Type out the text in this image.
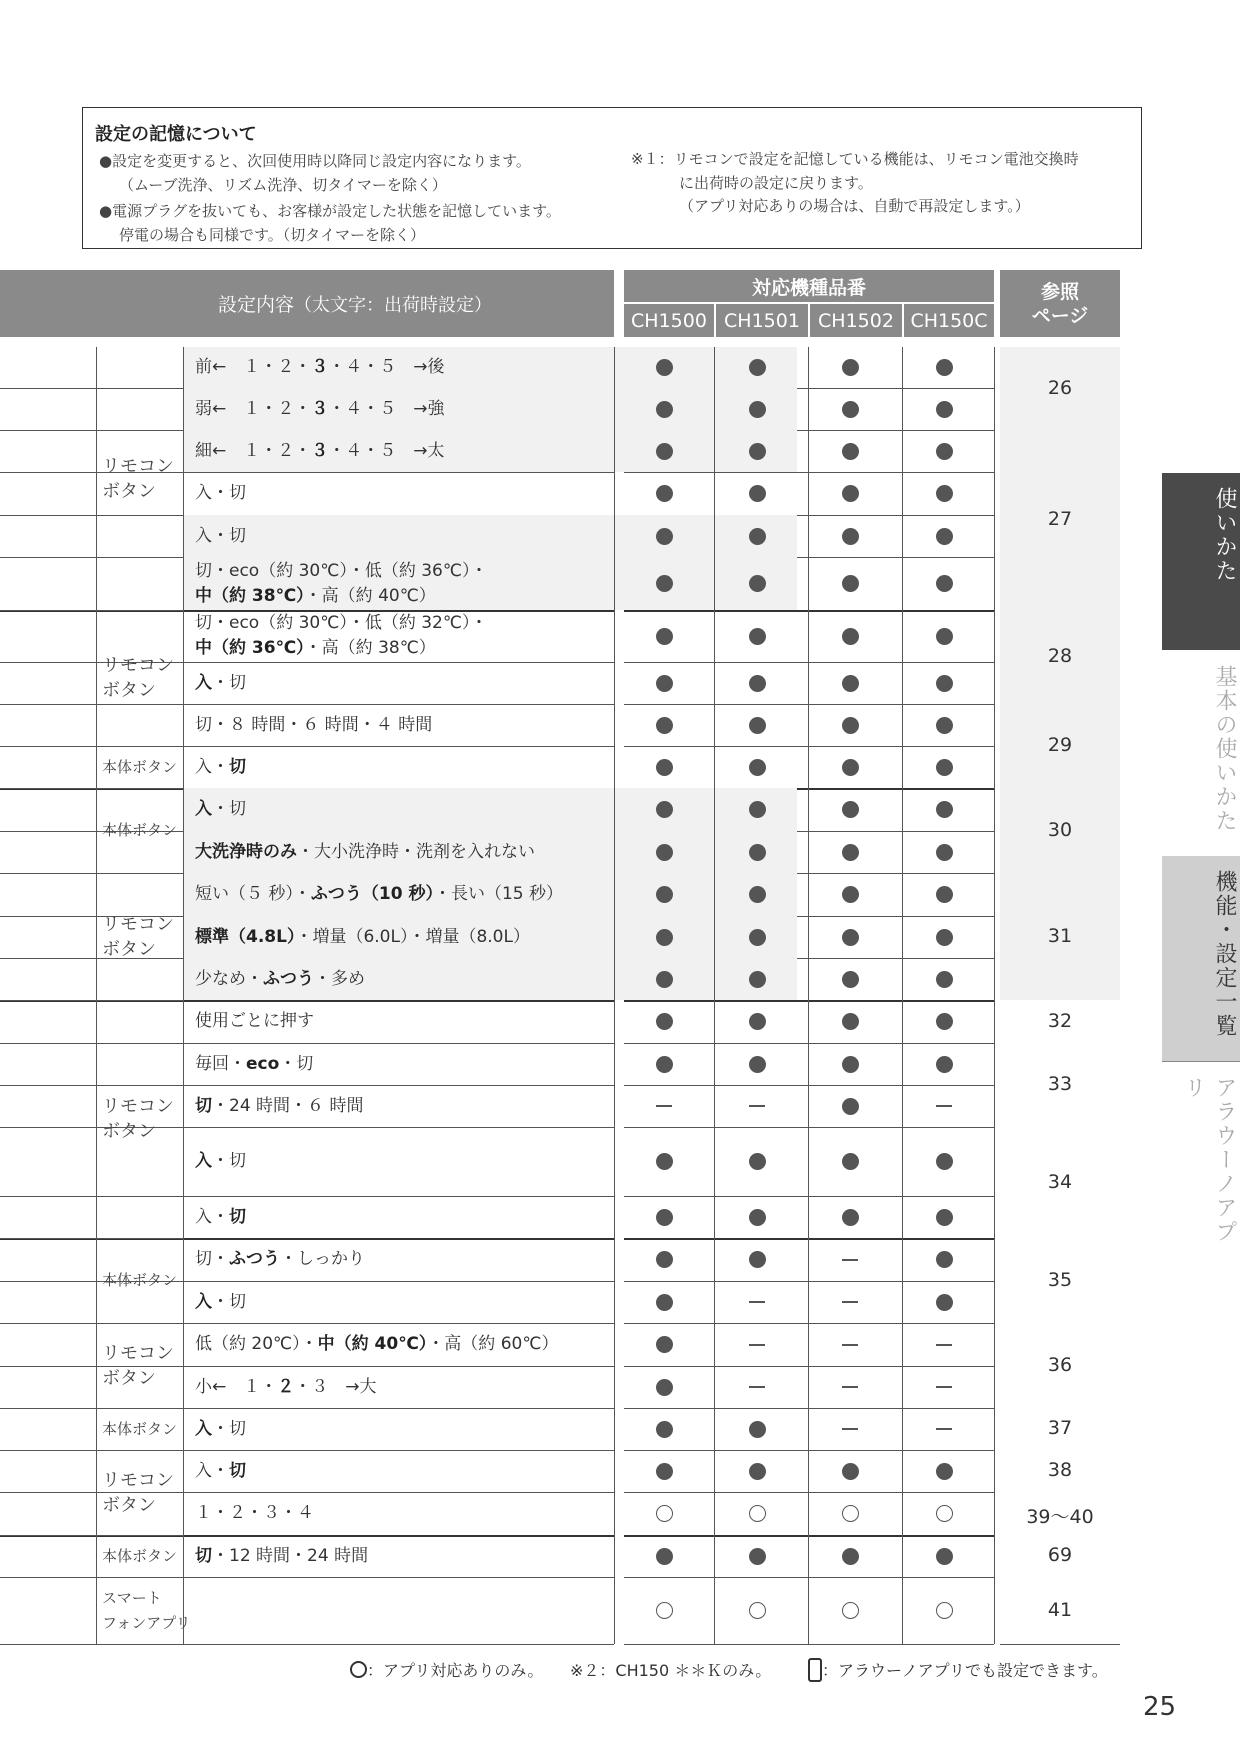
設定の記憶について
●設定を変更すると、次回使用時以降同じ設定内容になります。
（ムーブ洗浄、リズム洗浄、切タイマーを除く）
●電源プラグを抜いても、お客様が設定した状態を記憶しています。
停電の場合も同様です。（切タイマーを除く）
※１：リモコンで設定を記憶している機能は、リモコン電池交換時
に出荷時の設定に戻ります。
（アプリ対応ありの場合は、自動で再設定します。）
設定内容 （太文字：出荷時設定）
対応機種品番
CH1500 CH1501 CH1502 CH150C
参照
ページ
前←　１・２・３・４・５　→後
弱←　１・２・３・４・５　→強
細←　１・２・３・４・５　→太
入・切
入・切
切・eco（約 30℃）・低（約 36℃）・
中（約 38℃）・高（約 40℃）
切・eco（約 30℃）・低（約 32℃）・
中（約 36℃）・高（約 38℃）
入・切
切・８ 時間・６ 時間・４ 時間
入・切
入・切
大洗浄時のみ・大小洗浄時・洗剤を入れない
短い（５ 秒）・ふつう（10 秒）・長い（15 秒）
標準（4.8L）・増量（6.0L）・増量（8.0L）
少なめ・ふつう・多め
使用ごとに押す
毎回・eco・切
切・24 時間・６ 時間
入・切
入・切
切・ふつう・しっかり
入・切
低（約 20℃）・中（約 40℃）・高（約 60℃）
小←　１・２・３　→大
入・切
入・切
１・２・３・４
切・12 時間・24 時間
リモコン
ボタン
リモコン
ボタン
本体ボタン
本体ボタン
リモコン
ボタン
リモコン
ボタン
本体ボタン
リモコン
ボタン
本体ボタン
リモコン
ボタン
本体ボタン
スマート
フォンアプリ
26
27
28
29
30
31
32
33
34
35
36
37
38
39～40
69
41
：アプリ対応ありのみ。 ※２：CH150 ＊＊Ｋのみ。	：アラウーノアプリでも設定できます。
25
使いかた
基本の使いかた
機能・設定一覧
アラウーノアプリ
